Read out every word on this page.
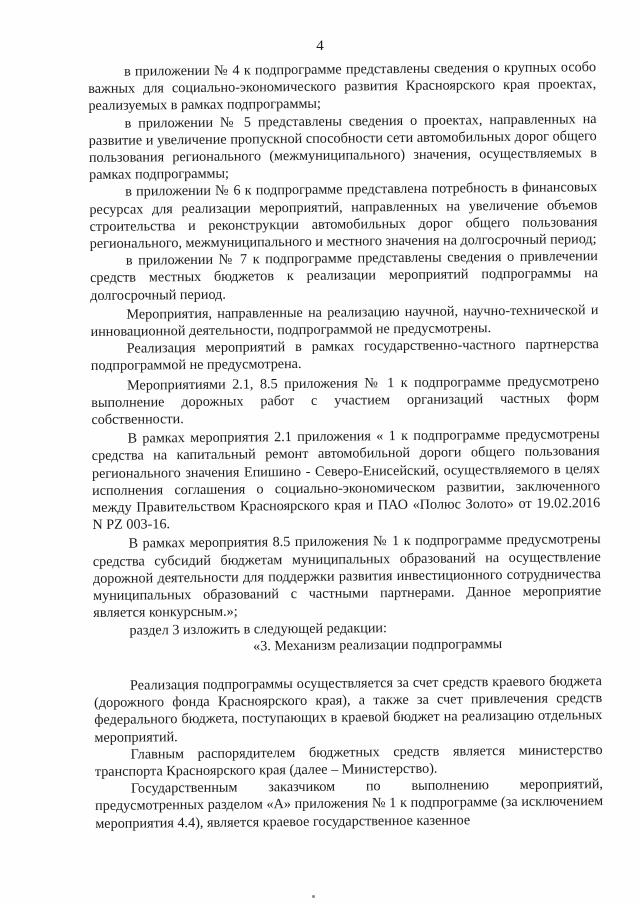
4

в приложении № 4 к подпрограмме представлены сведения о крупных особо важных для социально-экономического развития Красноярского края проектах, реализуемых в рамках подпрограммы;

в приложении № 5 представлены сведения о проектах, направленных на развитие и увеличение пропускной способности сети автомобильных дорог общего пользования регионального (межмуниципального) значения, осуществляемых в рамках подпрограммы;

в приложении № 6 к подпрограмме представлена потребность в финансовых ресурсах для реализации мероприятий, направленных на увеличение объемов строительства и реконструкции автомобильных дорог общего пользования регионального, межмуниципального и местного значения на долгосрочный период;

в приложении № 7 к подпрограмме представлены сведения о привлечении средств местных бюджетов к реализации мероприятий подпрограммы на долгосрочный период.

Мероприятия, направленные на реализацию научной, научно-технической и инновационной деятельности, подпрограммой не предусмотрены.

Реализация мероприятий в рамках государственно-частного партнерства подпрограммой не предусмотрена.

Мероприятиями 2.1, 8.5 приложения № 1 к подпрограмме предусмотрено выполнение дорожных работ с участием организаций частных форм собственности.

В рамках мероприятия 2.1 приложения « 1 к подпрограмме предусмотрены средства на капитальный ремонт автомобильной дороги общего пользования регионального значения Епишино - Северо-Енисейский, осуществляемого в целях исполнения соглашения о социально-экономическом развитии, заключенного между Правительством Красноярского края и ПАО «Полюс Золото» от 19.02.2016 N PZ 003-16.

В рамках мероприятия 8.5 приложения № 1 к подпрограмме предусмотрены средства субсидий бюджетам муниципальных образований на осуществление дорожной деятельности для поддержки развития инвестиционного сотрудничества муниципальных образований с частными партнерами. Данное мероприятие является конкурсным.»;

раздел 3 изложить в следующей редакции:

«3. Механизм реализации подпрограммы

Реализация подпрограммы осуществляется за счет средств краевого бюджета (дорожного фонда Красноярского края), а также за счет привлечения средств федерального бюджета, поступающих в краевой бюджет на реализацию отдельных мероприятий.

Главным распорядителем бюджетных средств является министерство транспорта Красноярского края (далее – Министерство).

Государственным заказчиком по выполнению мероприятий, предусмотренных разделом «А» приложения № 1 к подпрограмме (за исключением мероприятия 4.4), является краевое государственное казенное
